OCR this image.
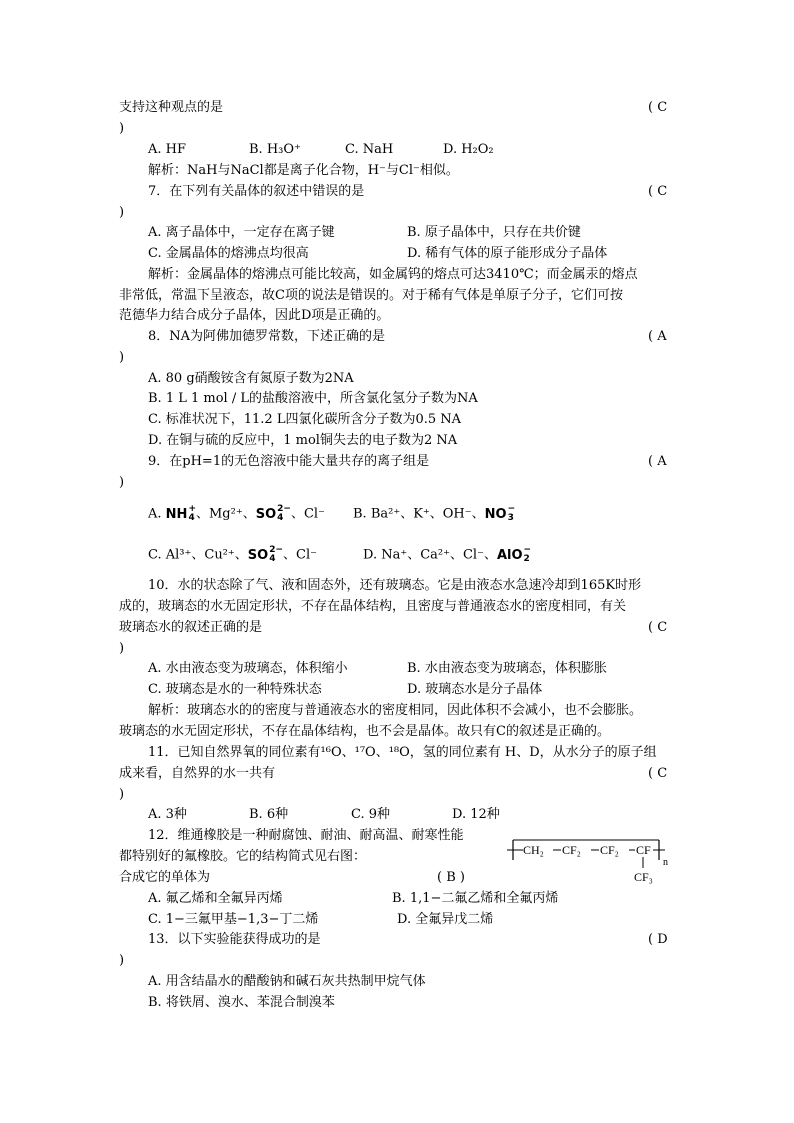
支持这种观点的是	( C
)
A. HF	B. H₃O⁺	C. NaH	D. H₂O₂
解析：NaH与NaCl都是离子化合物，H⁻与Cl⁻相似。
7．在下列有关晶体的叙述中错误的是	( C
)
A. 离子晶体中，一定存在离子键	B. 原子晶体中，只存在共价键
C. 金属晶体的熔沸点均很高	D. 稀有气体的原子能形成分子晶体
解析：金属晶体的熔沸点可能比较高，如金属钨的熔点可达3410℃；而金属汞的熔点
非常低，常温下呈液态，故C项的说法是错误的。对于稀有气体是单原子分子，它们可按
范德华力结合成分子晶体，因此D项是正确的。
8．NA为阿佛加德罗常数，下述正确的是	( A
)
A. 80 g硝酸铵含有氮原子数为2NA
B. 1 L 1 mol / L的盐酸溶液中，所含氯化氢分子数为NA
C. 标准状况下，11.2 L四氯化碳所含分子数为0.5 NA
D. 在铜与硫的反应中，1 mol铜失去的电子数为2 NA
9．在pH=1的无色溶液中能大量共存的离子组是	( A
)
A. NH+
4、Mg²⁺、SO2−
4 、Cl⁻ B. Ba²⁺、K⁺、OH⁻、NO−
3
C. Al³⁺、Cu²⁺、SO2−
4 、Cl⁻	D. Na⁺、Ca²⁺、Cl⁻、AlO−
2
10．水的状态除了气、液和固态外，还有玻璃态。它是由液态水急速冷却到165K时形
成的，玻璃态的水无固定形状，不存在晶体结构，且密度与普通液态水的密度相同，有关
玻璃态水的叙述正确的是	( C
)
A. 水由液态变为玻璃态，体积缩小	B. 水由液态变为玻璃态，体积膨胀
C. 玻璃态是水的一种特殊状态	D. 玻璃态水是分子晶体
解析：玻璃态水的的密度与普通液态水的密度相同，因此体积不会减小，也不会膨胀。
玻璃态的水无固定形状，不存在晶体结构，也不会是晶体。故只有C的叙述是正确的。
11．已知自然界氧的同位素有¹⁶O、¹⁷O、¹⁸O，氢的同位素有 H、D，从水分子的原子组
成来看，自然界的水一共有	( C
)
A. 3种	B. 6种	C. 9种	D. 12种
12．维通橡胶是一种耐腐蚀、耐油、耐高温、耐寒性能
都特别好的氟橡胶。它的结构简式见右图：
合成它的单体为	( B )
CH₂ CF₂ CF₂ CF
n
CF₃
A. 氟乙烯和全氟异丙烯	B. 1,1−二氟乙烯和全氟丙烯
C. 1−三氟甲基−1,3−丁二烯	D. 全氟异戊二烯
13．以下实验能获得成功的是	( D
)
A. 用含结晶水的醋酸钠和碱石灰共热制甲烷气体
B. 将铁屑、溴水、苯混合制溴苯
